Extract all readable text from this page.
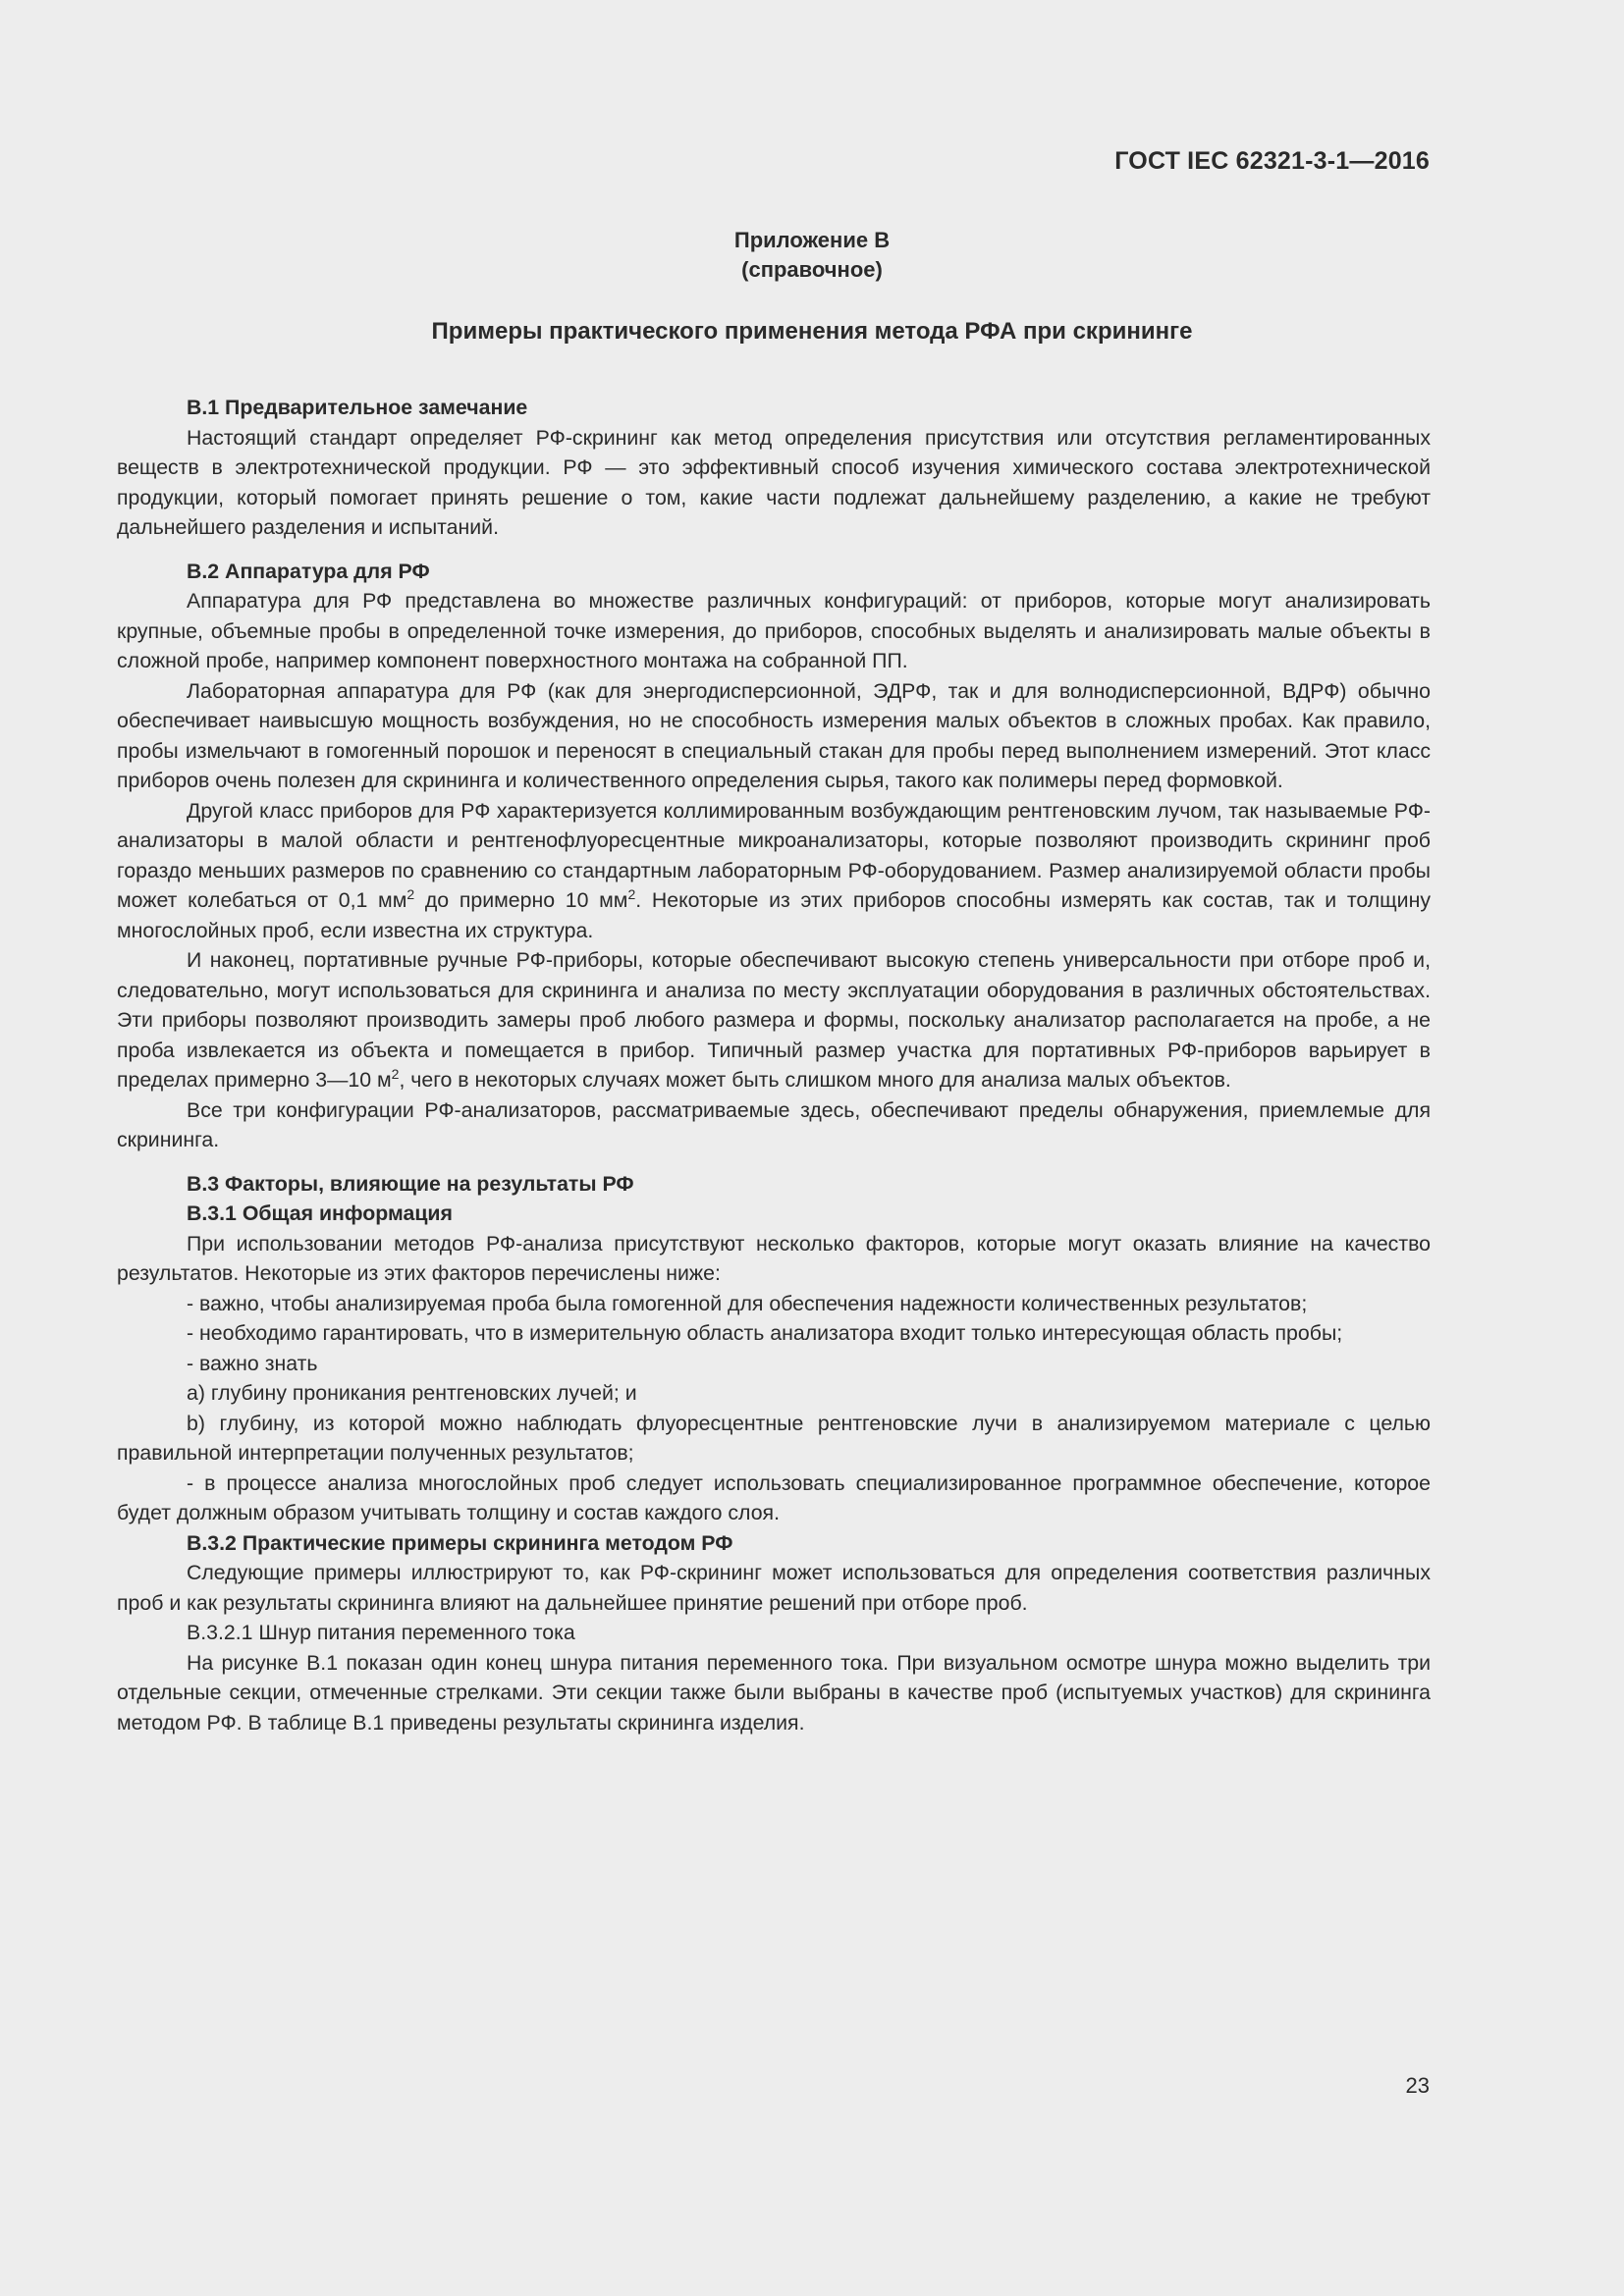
ГОСТ IEC 62321-3-1—2016
Приложение В
(справочное)
Примеры практического применения метода РФА при скрининге
В.1 Предварительное замечание

Настоящий стандарт определяет РФ-скрининг как метод определения присутствия или отсутствия регламентированных веществ в электротехнической продукции. РФ — это эффективный способ изучения химического состава электротехнической продукции, который помогает принять решение о том, какие части подлежат дальнейшему разделению, а какие не требуют дальнейшего разделения и испытаний.

В.2 Аппаратура для РФ

Аппаратура для РФ представлена во множестве различных конфигураций: от приборов, которые могут анализировать крупные, объемные пробы в определенной точке измерения, до приборов, способных выделять и анализировать малые объекты в сложной пробе, например компонент поверхностного монтажа на собранной ПП.

Лабораторная аппаратура для РФ (как для энергодисперсионной, ЭДРФ, так и для волнодисперсионной, ВДРФ) обычно обеспечивает наивысшую мощность возбуждения, но не способность измерения малых объектов в сложных пробах. Как правило, пробы измельчают в гомогенный порошок и переносят в специальный стакан для пробы перед выполнением измерений. Этот класс приборов очень полезен для скрининга и количественного определения сырья, такого как полимеры перед формовкой.

Другой класс приборов для РФ характеризуется коллимированным возбуждающим рентгеновским лучом, так называемые РФ-анализаторы в малой области и рентгенофлуоресцентные микроанализаторы, которые позволяют производить скрининг проб гораздо меньших размеров по сравнению со стандартным лабораторным РФ-оборудованием. Размер анализируемой области пробы может колебаться от 0,1 $мм^2$ до примерно 10 $мм^2$. Некоторые из этих приборов способны измерять как состав, так и толщину многослойных проб, если известна их структура.

И наконец, портативные ручные РФ-приборы, которые обеспечивают высокую степень универсальности при отборе проб и, следовательно, могут использоваться для скрининга и анализа по месту эксплуатации оборудования в различных обстоятельствах. Эти приборы позволяют производить замеры проб любого размера и формы, поскольку анализатор располагается на пробе, а не проба извлекается из объекта и помещается в прибор. Типичный размер участка для портативных РФ-приборов варьирует в пределах примерно 3—10 $м^2$, чего в некоторых случаях может быть слишком много для анализа малых объектов.

Все три конфигурации РФ-анализаторов, рассматриваемые здесь, обеспечивают пределы обнаружения, приемлемые для скрининга.

В.3 Факторы, влияющие на результаты РФ
В.3.1 Общая информация

При использовании методов РФ-анализа присутствуют несколько факторов, которые могут оказать влияние на качество результатов. Некоторые из этих факторов перечислены ниже:

- важно, чтобы анализируемая проба была гомогенной для обеспечения надежности количественных результатов;

- необходимо гарантировать, что в измерительную область анализатора входит только интересующая область пробы;

- важно знать

а) глубину проникания рентгеновских лучей; и

b) глубину, из которой можно наблюдать флуоресцентные рентгеновские лучи в анализируемом материале с целью правильной интерпретации полученных результатов;

- в процессе анализа многослойных проб следует использовать специализированное программное обеспечение, которое будет должным образом учитывать толщину и состав каждого слоя.

В.3.2 Практические примеры скрининга методом РФ

Следующие примеры иллюстрируют то, как РФ-скрининг может использоваться для определения соответствия различных проб и как результаты скрининга влияют на дальнейшее принятие решений при отборе проб.

В.3.2.1 Шнур питания переменного тока

На рисунке В.1 показан один конец шнура питания переменного тока. При визуальном осмотре шнура можно выделить три отдельные секции, отмеченные стрелками. Эти секции также были выбраны в качестве проб (испытуемых участков) для скрининга методом РФ. В таблице В.1 приведены результаты скрининга изделия.

23
